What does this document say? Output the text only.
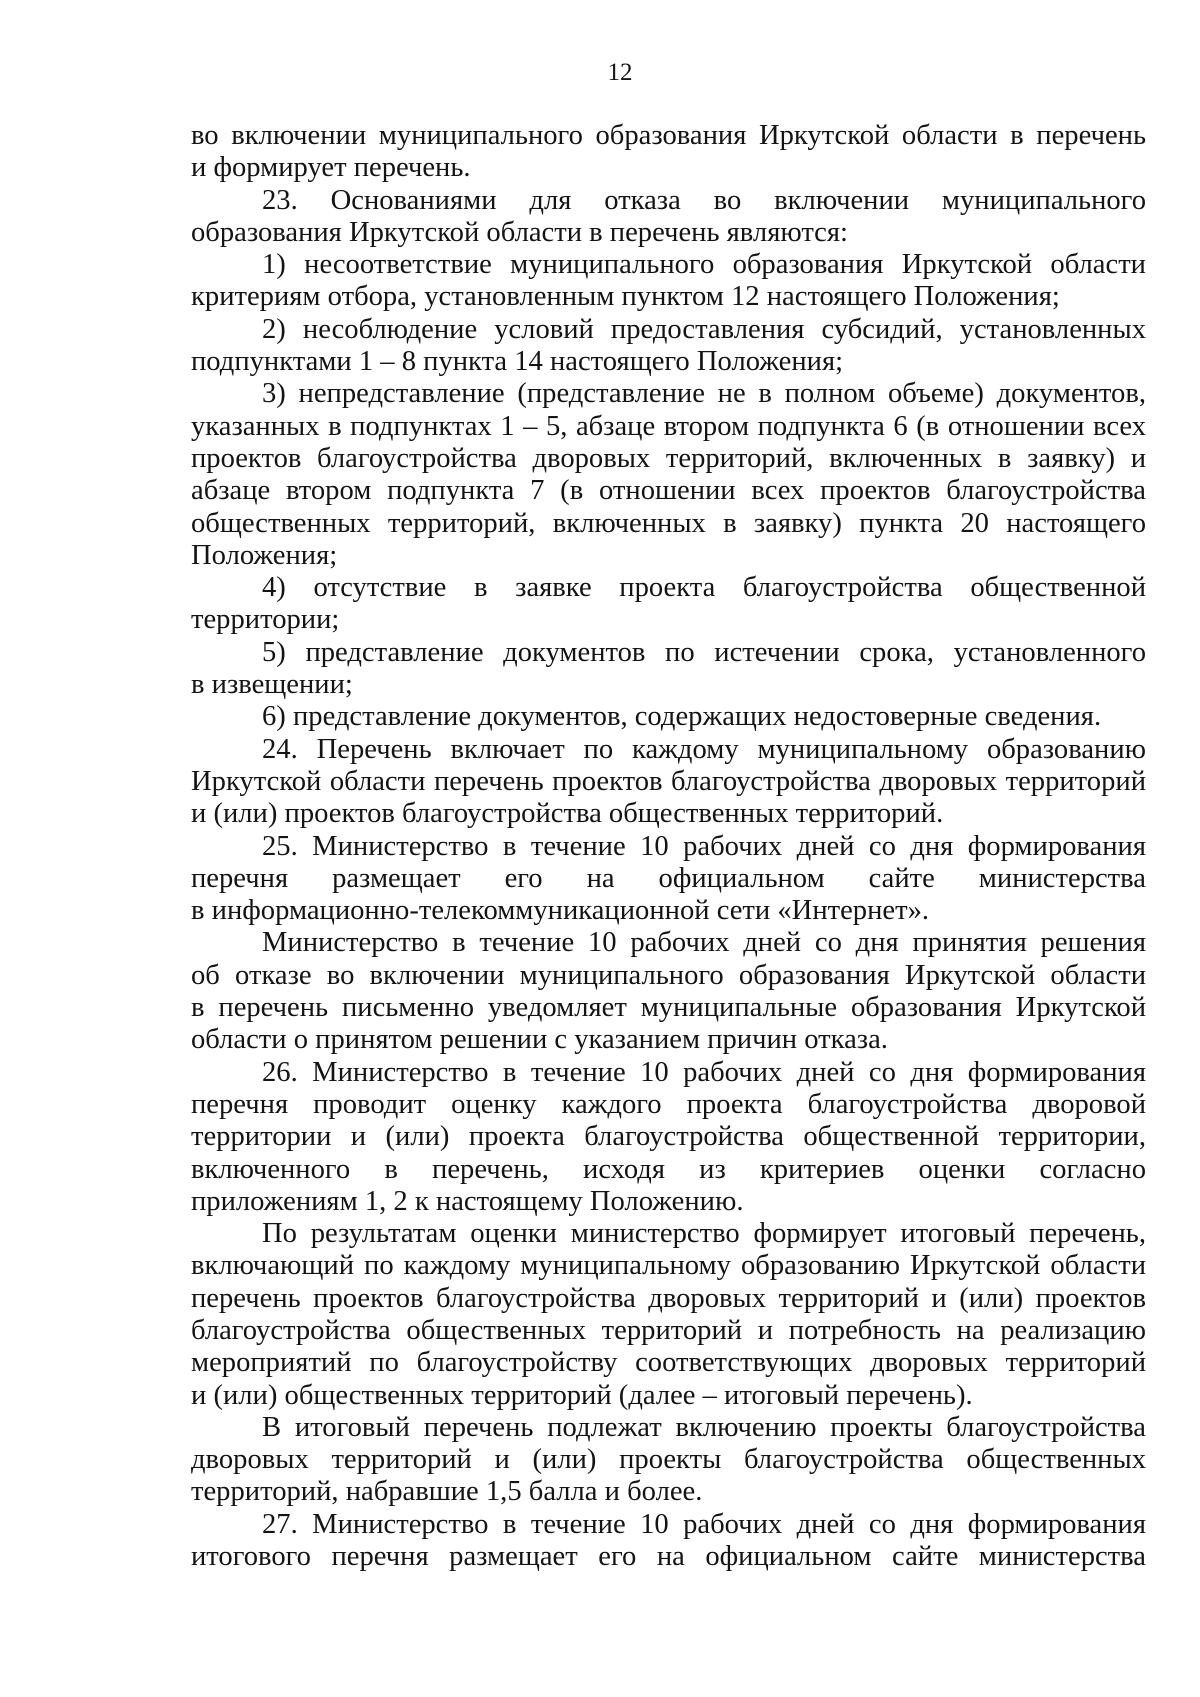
12

во включении муниципального образования Иркутской области в перечень
и формирует перечень.

23. Основаниями для отказа во включении муниципального
образования Иркутской области в перечень являются:

1) несоответствие муниципального образования Иркутской области
критериям отбора, установленным пунктом 12 настоящего Положения;

2) несоблюдение условий предоставления субсидий, установленных
подпунктами 1 – 8 пункта 14 настоящего Положения;

3) непредставление (представление не в полном объеме) документов,
указанных в подпунктах 1 – 5, абзаце втором подпункта 6 (в отношении всех
проектов благоустройства дворовых территорий, включенных в заявку) и
абзаце втором подпункта 7 (в отношении всех проектов благоустройства
общественных территорий, включенных в заявку) пункта 20 настоящего
Положения;

4) отсутствие в заявке проекта благоустройства общественной
территории;

5) представление документов по истечении срока, установленного
в извещении;

6) представление документов, содержащих недостоверные сведения.

24. Перечень включает по каждому муниципальному образованию
Иркутской области перечень проектов благоустройства дворовых территорий
и (или) проектов благоустройства общественных территорий.

25. Министерство в течение 10 рабочих дней со дня формирования
перечня размещает его на официальном сайте министерства
в информационно-телекоммуникационной сети «Интернет».

Министерство в течение 10 рабочих дней со дня принятия решения
об отказе во включении муниципального образования Иркутской области
в перечень письменно уведомляет муниципальные образования Иркутской
области о принятом решении с указанием причин отказа.

26. Министерство в течение 10 рабочих дней со дня формирования
перечня проводит оценку каждого проекта благоустройства дворовой
территории и (или) проекта благоустройства общественной территории,
включенного в перечень, исходя из критериев оценки согласно
приложениям 1, 2 к настоящему Положению.

По результатам оценки министерство формирует итоговый перечень,
включающий по каждому муниципальному образованию Иркутской области
перечень проектов благоустройства дворовых территорий и (или) проектов
благоустройства общественных территорий и потребность на реализацию
мероприятий по благоустройству соответствующих дворовых территорий
и (или) общественных территорий (далее – итоговый перечень).

В итоговый перечень подлежат включению проекты благоустройства
дворовых территорий и (или) проекты благоустройства общественных
территорий, набравшие 1,5 балла и более.

27. Министерство в течение 10 рабочих дней со дня формирования
итогового перечня размещает его на официальном сайте министерства
